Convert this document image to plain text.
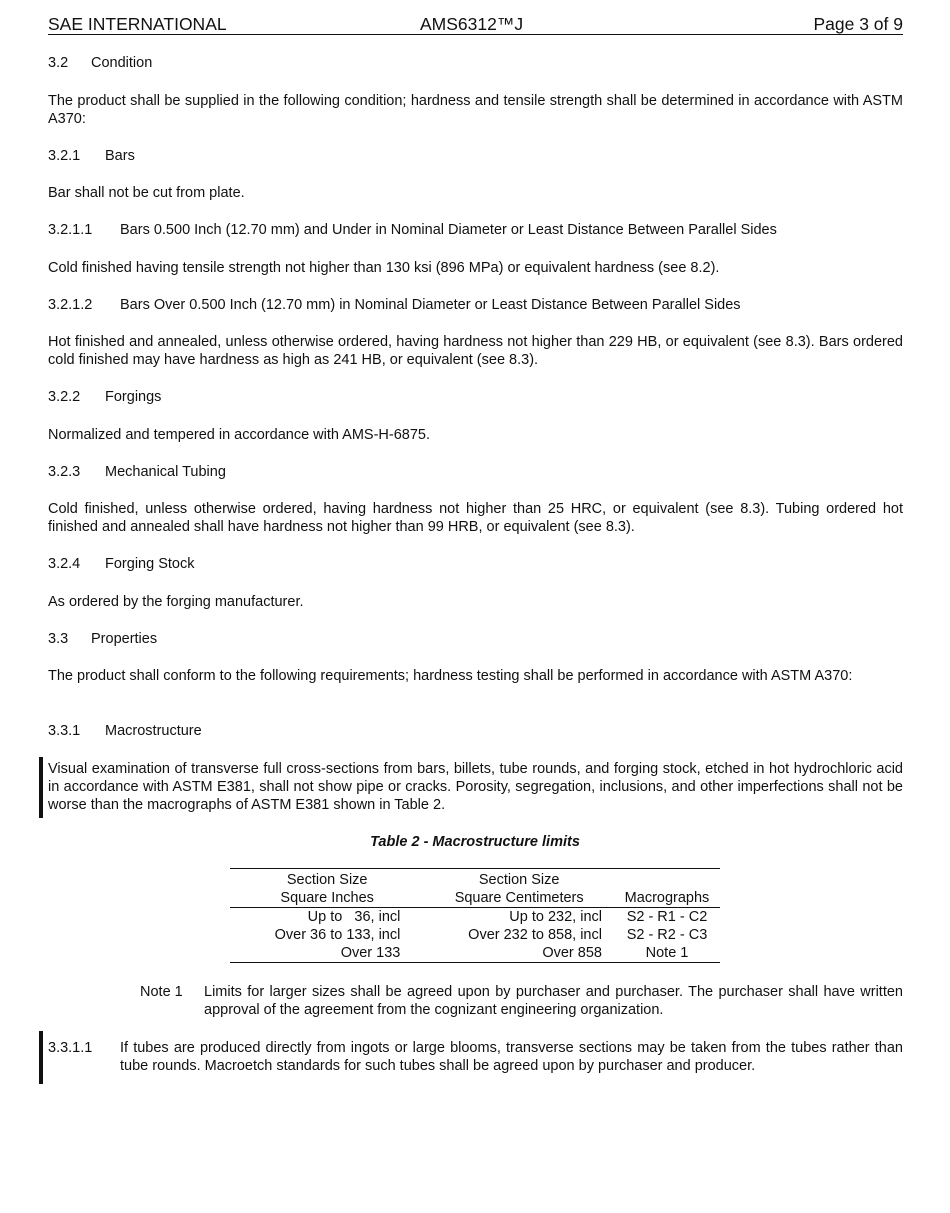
SAE INTERNATIONAL	AMS6312™J	Page 3 of 9
3.2 Condition
The product shall be supplied in the following condition; hardness and tensile strength shall be determined in accordance with ASTM A370:
3.2.1 Bars
Bar shall not be cut from plate.
3.2.1.1 Bars 0.500 Inch (12.70 mm) and Under in Nominal Diameter or Least Distance Between Parallel Sides
Cold finished having tensile strength not higher than 130 ksi (896 MPa) or equivalent hardness (see 8.2).
3.2.1.2 Bars Over 0.500 Inch (12.70 mm) in Nominal Diameter or Least Distance Between Parallel Sides
Hot finished and annealed, unless otherwise ordered, having hardness not higher than 229 HB, or equivalent (see 8.3). Bars ordered cold finished may have hardness as high as 241 HB, or equivalent (see 8.3).
3.2.2 Forgings
Normalized and tempered in accordance with AMS-H-6875.
3.2.3 Mechanical Tubing
Cold finished, unless otherwise ordered, having hardness not higher than 25 HRC, or equivalent (see 8.3). Tubing ordered hot finished and annealed shall have hardness not higher than 99 HRB, or equivalent (see 8.3).
3.2.4 Forging Stock
As ordered by the forging manufacturer.
3.3 Properties
The product shall conform to the following requirements; hardness testing shall be performed in accordance with ASTM A370:
3.3.1 Macrostructure
Visual examination of transverse full cross-sections from bars, billets, tube rounds, and forging stock, etched in hot hydrochloric acid in accordance with ASTM E381, shall not show pipe or cracks. Porosity, segregation, inclusions, and other imperfections shall not be worse than the macrographs of ASTM E381 shown in Table 2.
Table 2 - Macrostructure limits
Section Size	Section Size	
Square Inches	Square Centimeters	Macrographs
Up to   36, incl	Up to 232, incl	S2 - R1 - C2
Over 36 to 133, incl	Over 232 to 858, incl	S2 - R2 - C3
Over 133	Over 858	Note 1
Note 1 Limits for larger sizes shall be agreed upon by purchaser and purchaser. The purchaser shall have written approval of the agreement from the cognizant engineering organization.
3.3.1.1 If tubes are produced directly from ingots or large blooms, transverse sections may be taken from the tubes rather than tube rounds. Macroetch standards for such tubes shall be agreed upon by purchaser and producer.
